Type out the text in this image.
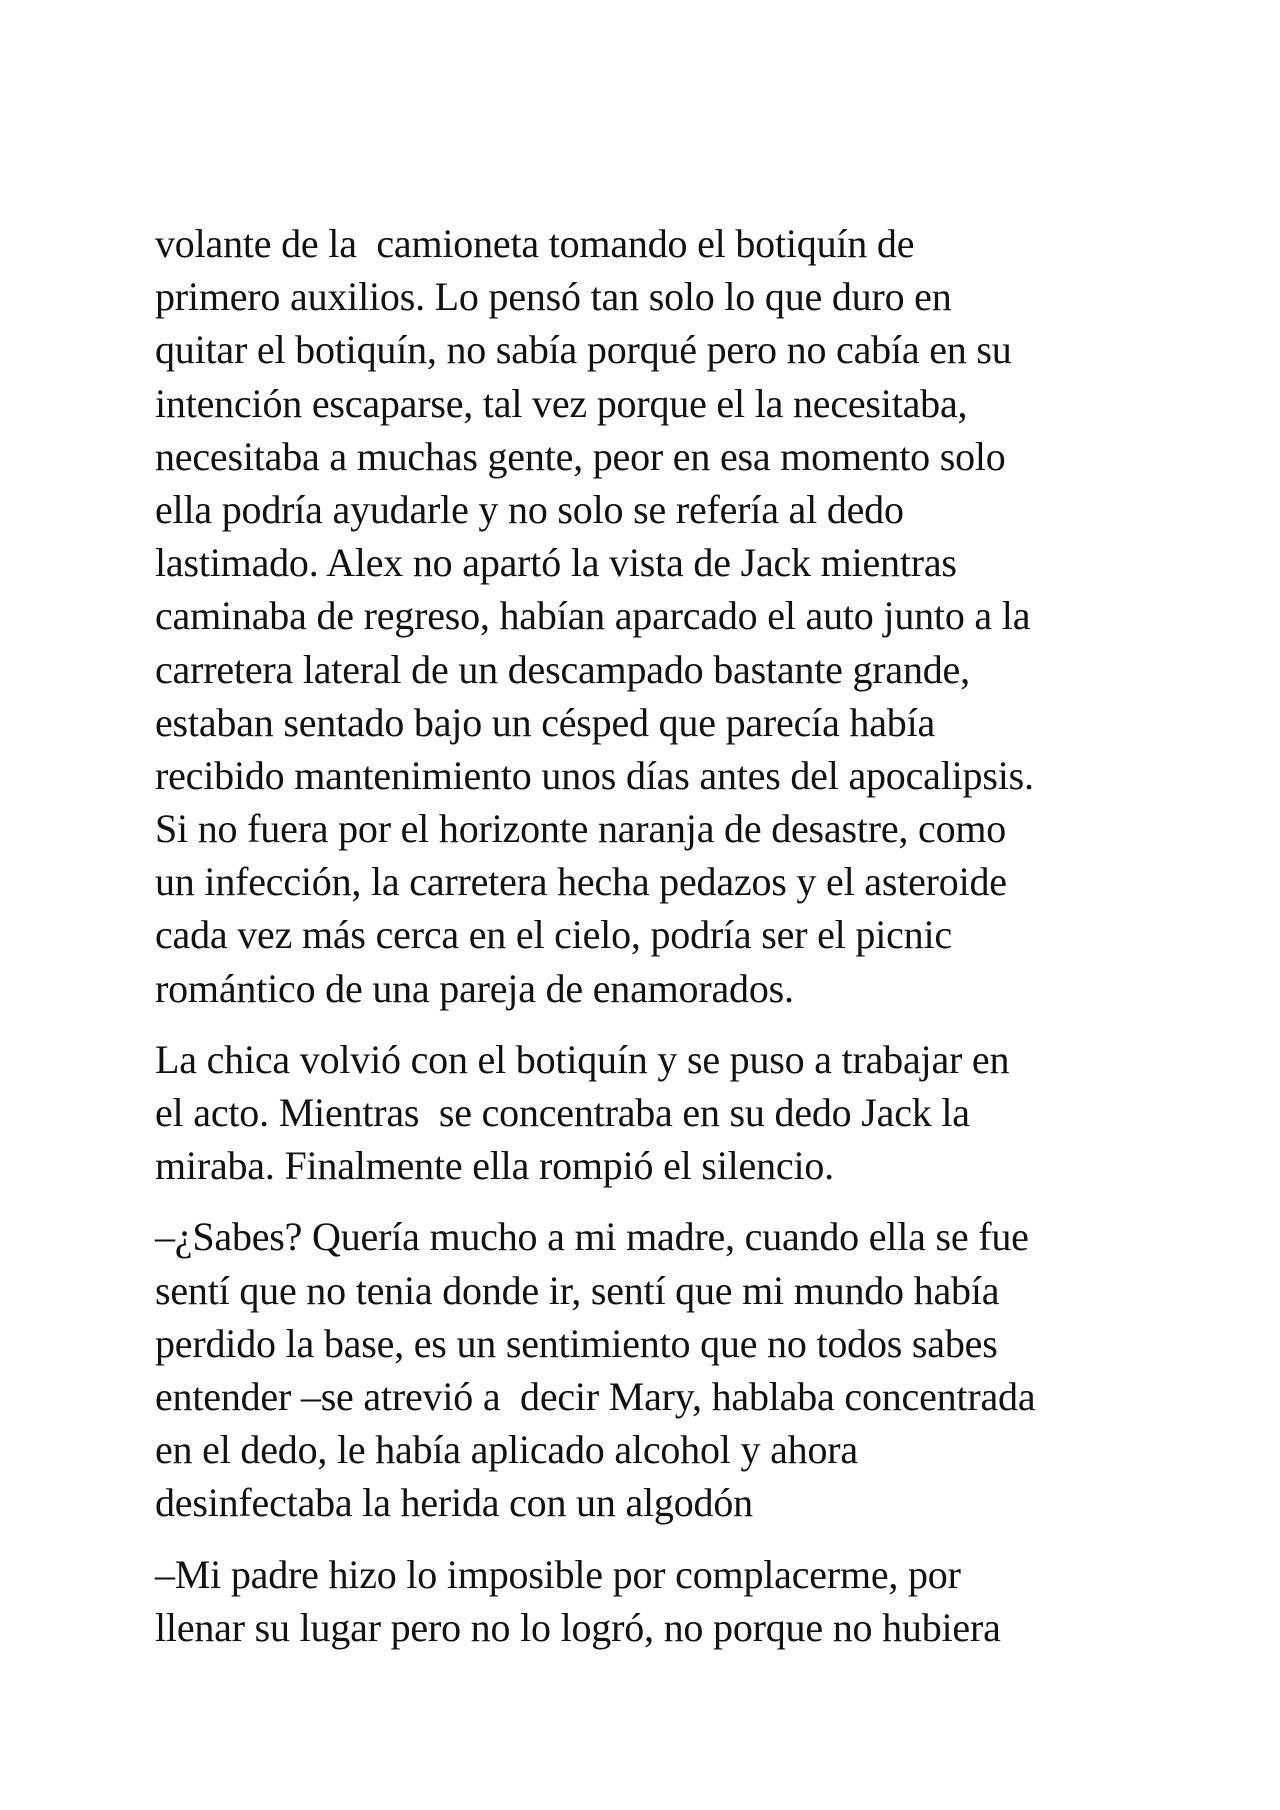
volante de la  camioneta tomando el botiquín de
primero auxilios. Lo pensó tan solo lo que duro en
quitar el botiquín, no sabía porqué pero no cabía en su
intención escaparse, tal vez porque el la necesitaba,
necesitaba a muchas gente, peor en esa momento solo
ella podría ayudarle y no solo se refería al dedo
lastimado. Alex no apartó la vista de Jack mientras
caminaba de regreso, habían aparcado el auto junto a la
carretera lateral de un descampado bastante grande,
estaban sentado bajo un césped que parecía había
recibido mantenimiento unos días antes del apocalipsis.
Si no fuera por el horizonte naranja de desastre, como
un infección, la carretera hecha pedazos y el asteroide
cada vez más cerca en el cielo, podría ser el picnic
romántico de una pareja de enamorados.

La chica volvió con el botiquín y se puso a trabajar en
el acto. Mientras  se concentraba en su dedo Jack la
miraba. Finalmente ella rompió el silencio.

–¿Sabes? Quería mucho a mi madre, cuando ella se fue
sentí que no tenia donde ir, sentí que mi mundo había
perdido la base, es un sentimiento que no todos sabes
entender –se atrevió a  decir Mary, hablaba concentrada
en el dedo, le había aplicado alcohol y ahora
desinfectaba la herida con un algodón

–Mi padre hizo lo imposible por complacerme, por
llenar su lugar pero no lo logró, no porque no hubiera
